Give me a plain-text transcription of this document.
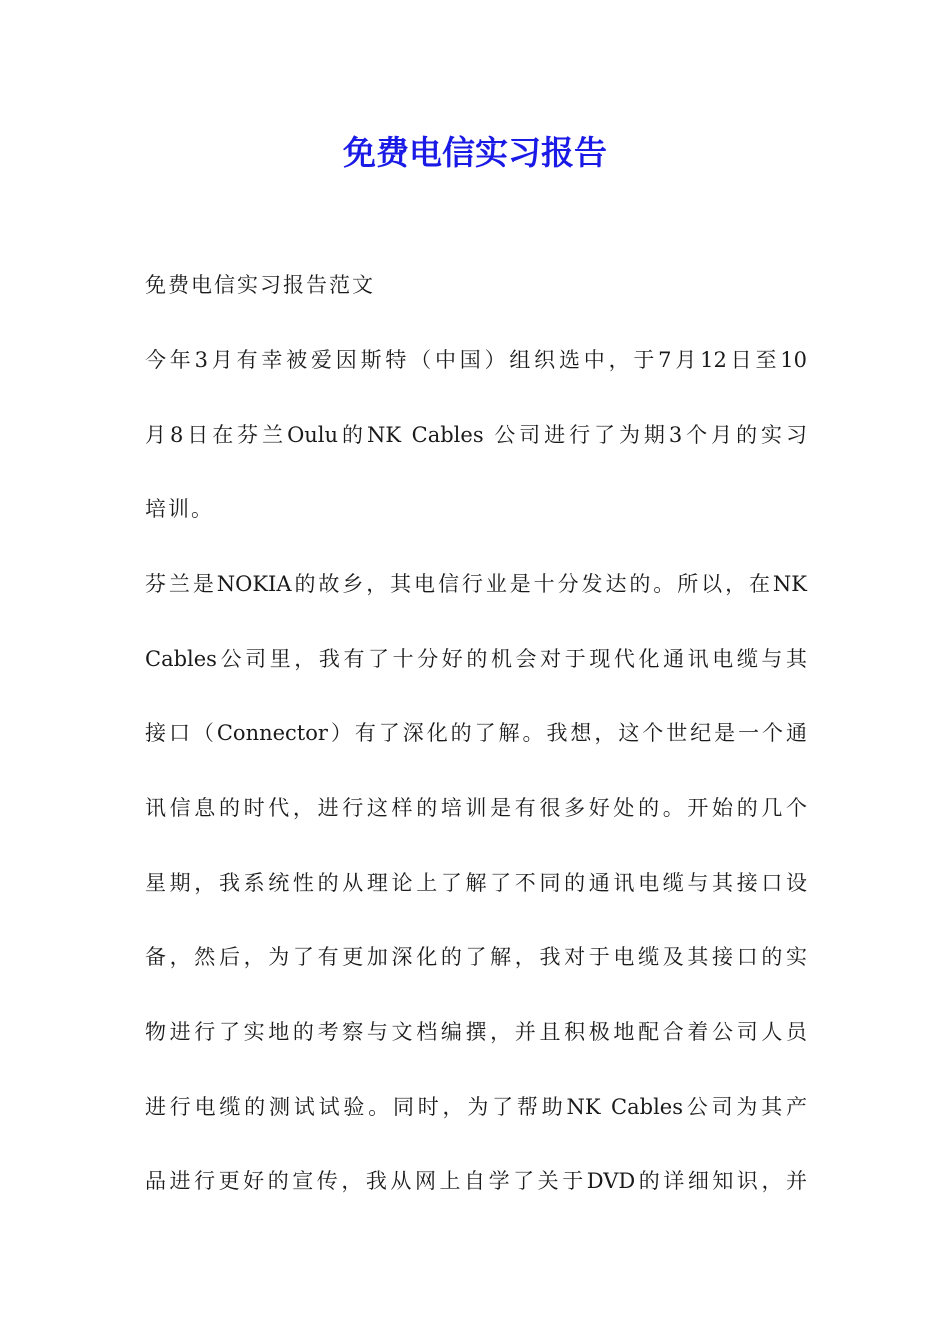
免费电信实习报告

免费电信实习报告范文

今年3月有幸被爱因斯特（中国）组织选中，于7月12日至10

月8日在芬兰Oulu的NK Cables 公司进行了为期3个月的实习

培训。

芬兰是NOKIA的故乡，其电信行业是十分发达的。所以，在NK

Cables公司里，我有了十分好的机会对于现代化通讯电缆与其

接口（Connector）有了深化的了解。我想，这个世纪是一个通

讯信息的时代，进行这样的培训是有很多好处的。开始的几个

星期，我系统性的从理论上了解了不同的通讯电缆与其接口设

备，然后，为了有更加深化的了解，我对于电缆及其接口的实

物进行了实地的考察与文档编撰，并且积极地配合着公司人员

进行电缆的测试试验。同时，为了帮助NK Cables公司为其产

品进行更好的宣传，我从网上自学了关于DVD的详细知识，并
